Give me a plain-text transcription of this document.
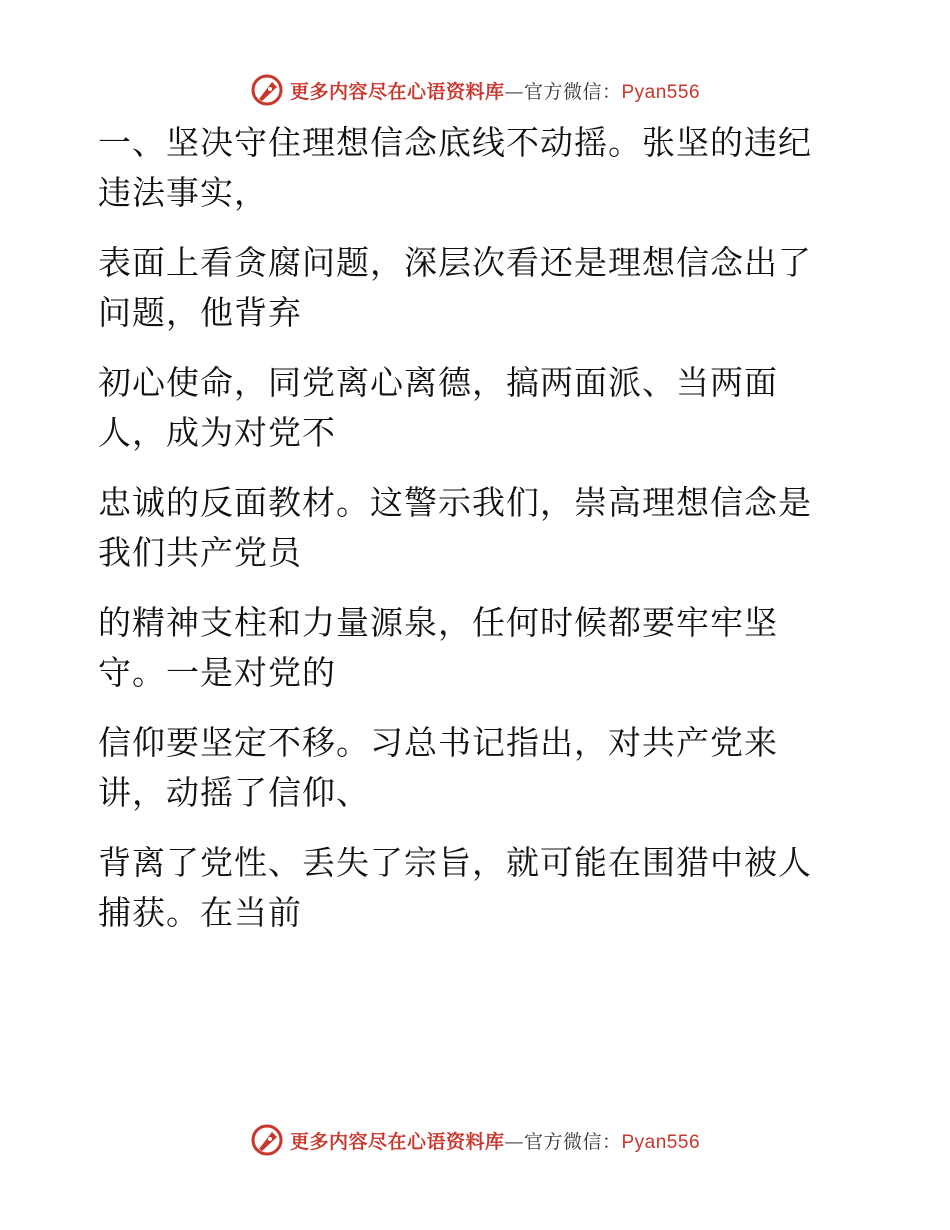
更多内容尽在心语资料库—官方微信：Pyan556

一、坚决守住理想信念底线不动摇。张坚的违纪
违法事实，

表面上看贪腐问题，深层次看还是理想信念出了
问题，他背弃

初心使命，同党离心离德，搞两面派、当两面
人，成为对党不

忠诚的反面教材。这警示我们，崇高理想信念是
我们共产党员

的精神支柱和力量源泉，任何时候都要牢牢坚
守。一是对党的

信仰要坚定不移。习总书记指出，对共产党来
讲，动摇了信仰、

背离了党性、丢失了宗旨，就可能在围猎中被人
捕获。在当前

更多内容尽在心语资料库—官方微信：Pyan556
